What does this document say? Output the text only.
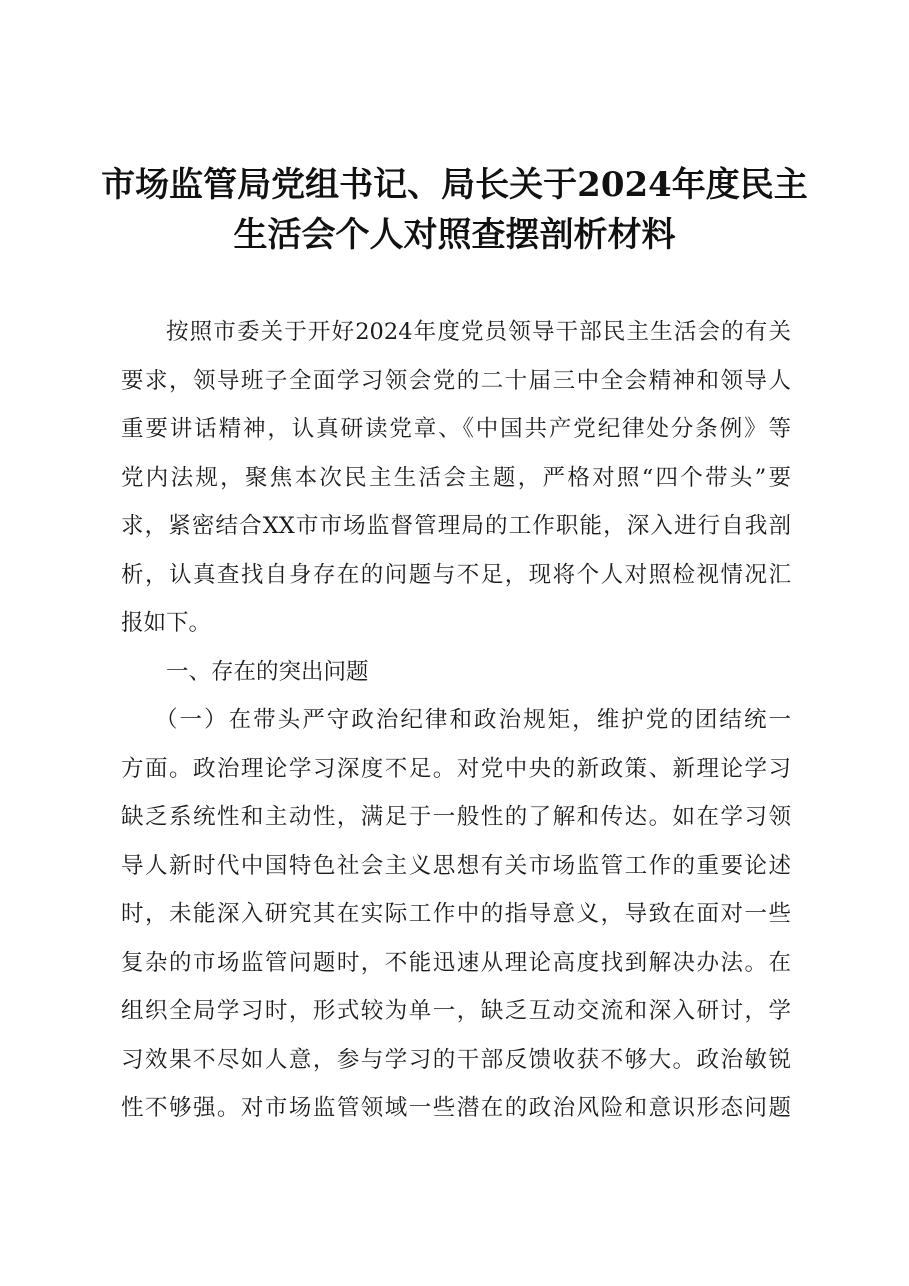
市场监管局党组书记、局长关于2024年度民主
生活会个人对照查摆剖析材料
按照市委关于开好2024年度党员领导干部民主生活会的有关
要求，领导班子全面学习领会党的二十届三中全会精神和领导人
重要讲话精神，认真研读党章、《中国共产党纪律处分条例》等
党内法规，聚焦本次民主生活会主题，严格对照“四个带头”要
求，紧密结合XX市市场监督管理局的工作职能，深入进行自我剖
析，认真查找自身存在的问题与不足，现将个人对照检视情况汇
报如下。
一、存在的突出问题
（一）在带头严守政治纪律和政治规矩，维护党的团结统一
方面。政治理论学习深度不足。对党中央的新政策、新理论学习
缺乏系统性和主动性，满足于一般性的了解和传达。如在学习领
导人新时代中国特色社会主义思想有关市场监管工作的重要论述
时，未能深入研究其在实际工作中的指导意义，导致在面对一些
复杂的市场监管问题时，不能迅速从理论高度找到解决办法。在
组织全局学习时，形式较为单一，缺乏互动交流和深入研讨，学
习效果不尽如人意，参与学习的干部反馈收获不够大。政治敏锐
性不够强。对市场监管领域一些潜在的政治风险和意识形态问题
